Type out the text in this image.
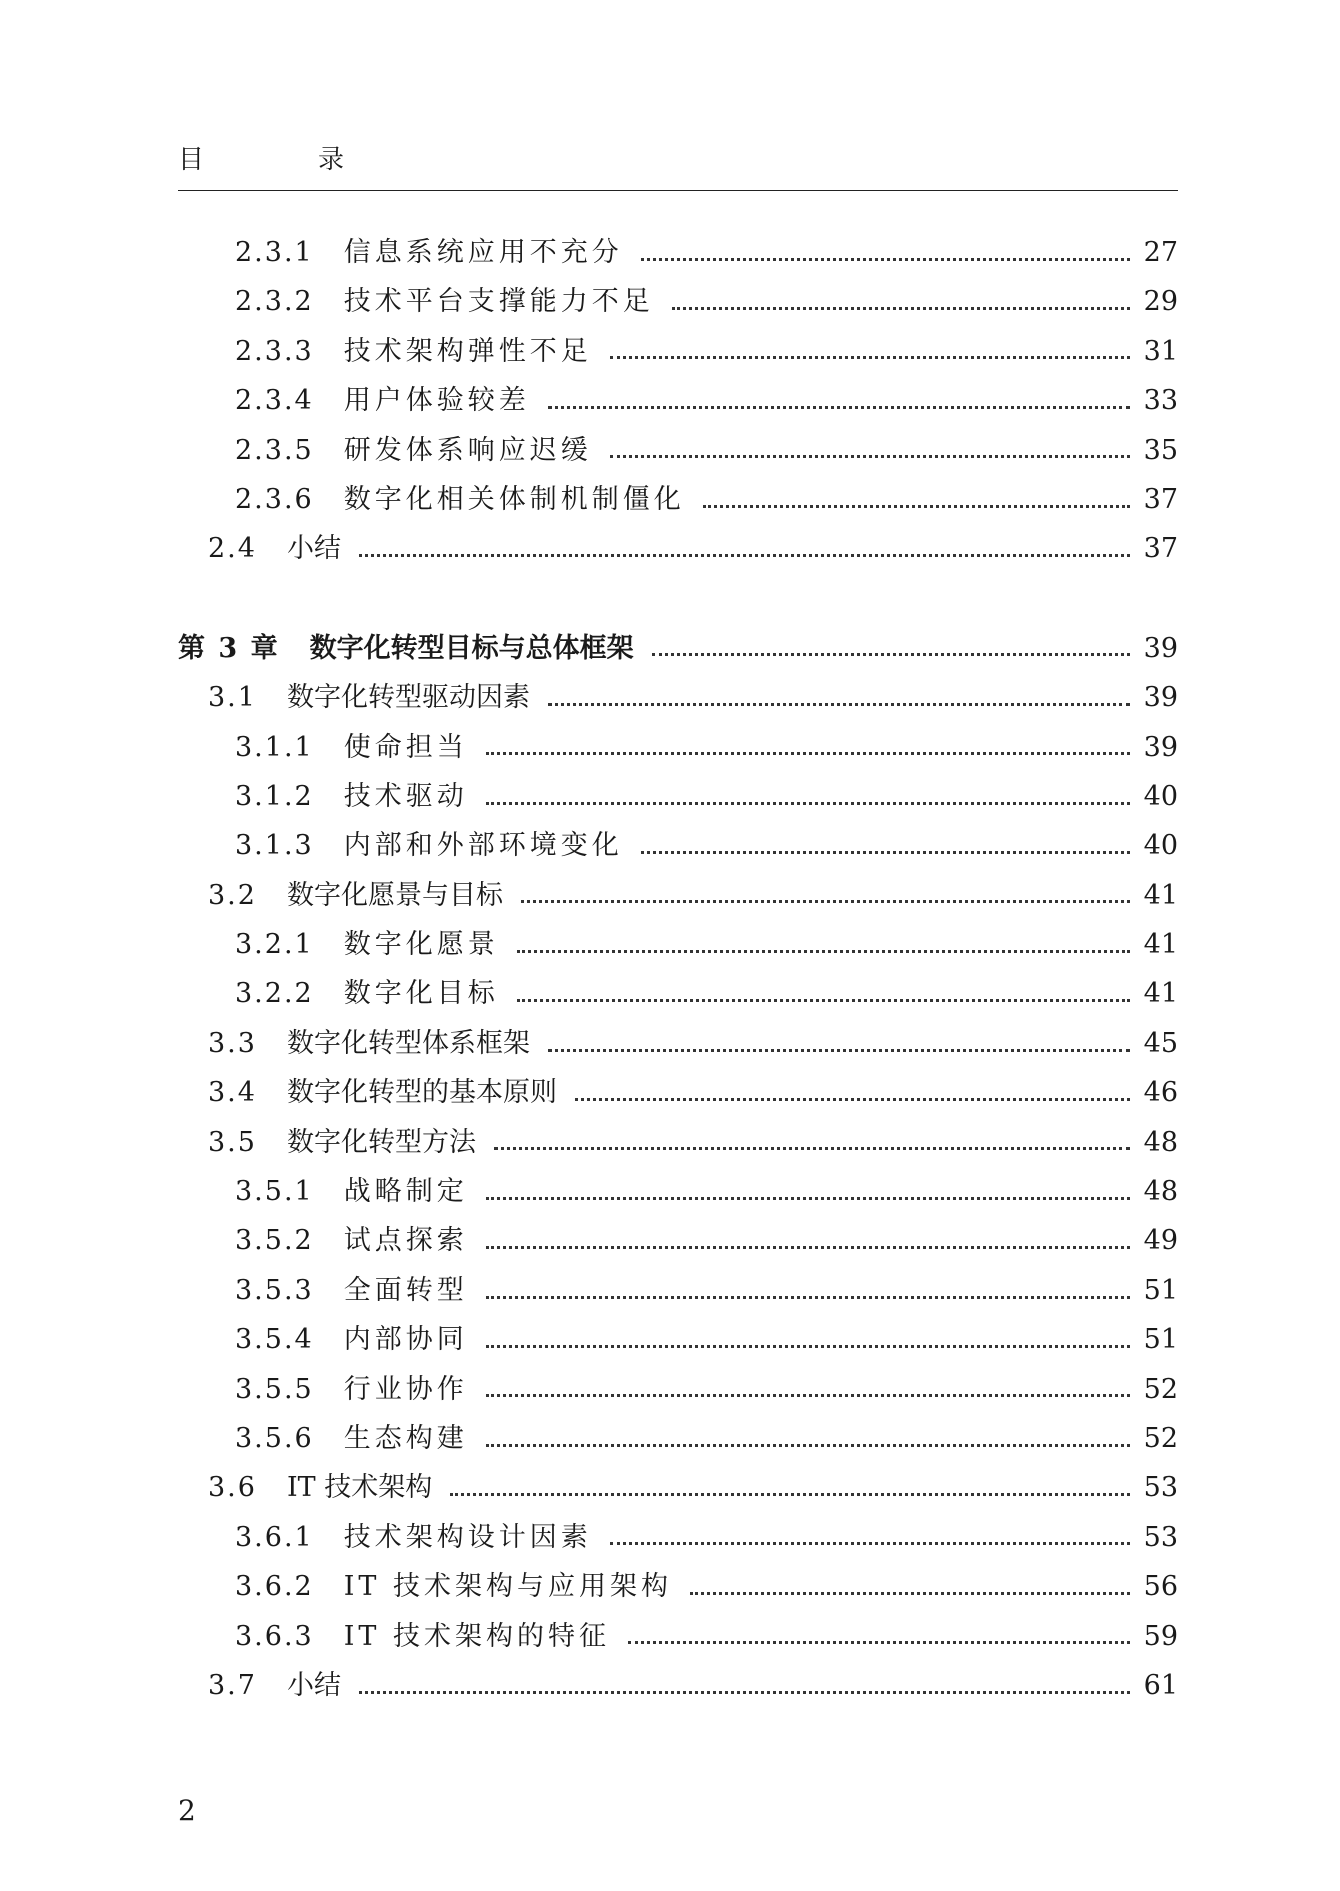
目　录
2.3.1 信息系统应用不充分	27
2.3.2 技术平台支撑能力不足	29
2.3.3 技术架构弹性不足	31
2.3.4 用户体验较差	33
2.3.5 研发体系响应迟缓	35
2.3.6 数字化相关体制机制僵化	37
2.4 小结	37
第 3 章 数字化转型目标与总体框架	39
3.1 数字化转型驱动因素	39
3.1.1 使命担当	39
3.1.2 技术驱动	40
3.1.3 内部和外部环境变化	40
3.2 数字化愿景与目标	41
3.2.1 数字化愿景	41
3.2.2 数字化目标	41
3.3 数字化转型体系框架	45
3.4 数字化转型的基本原则	46
3.5 数字化转型方法	48
3.5.1 战略制定	48
3.5.2 试点探索	49
3.5.3 全面转型	51
3.5.4 内部协同	51
3.5.5 行业协作	52
3.5.6 生态构建	52
3.6 IT 技术架构	53
3.6.1 技术架构设计因素	53
3.6.2 IT 技术架构与应用架构	56
3.6.3 IT 技术架构的特征	59
3.7 小结	61
2
